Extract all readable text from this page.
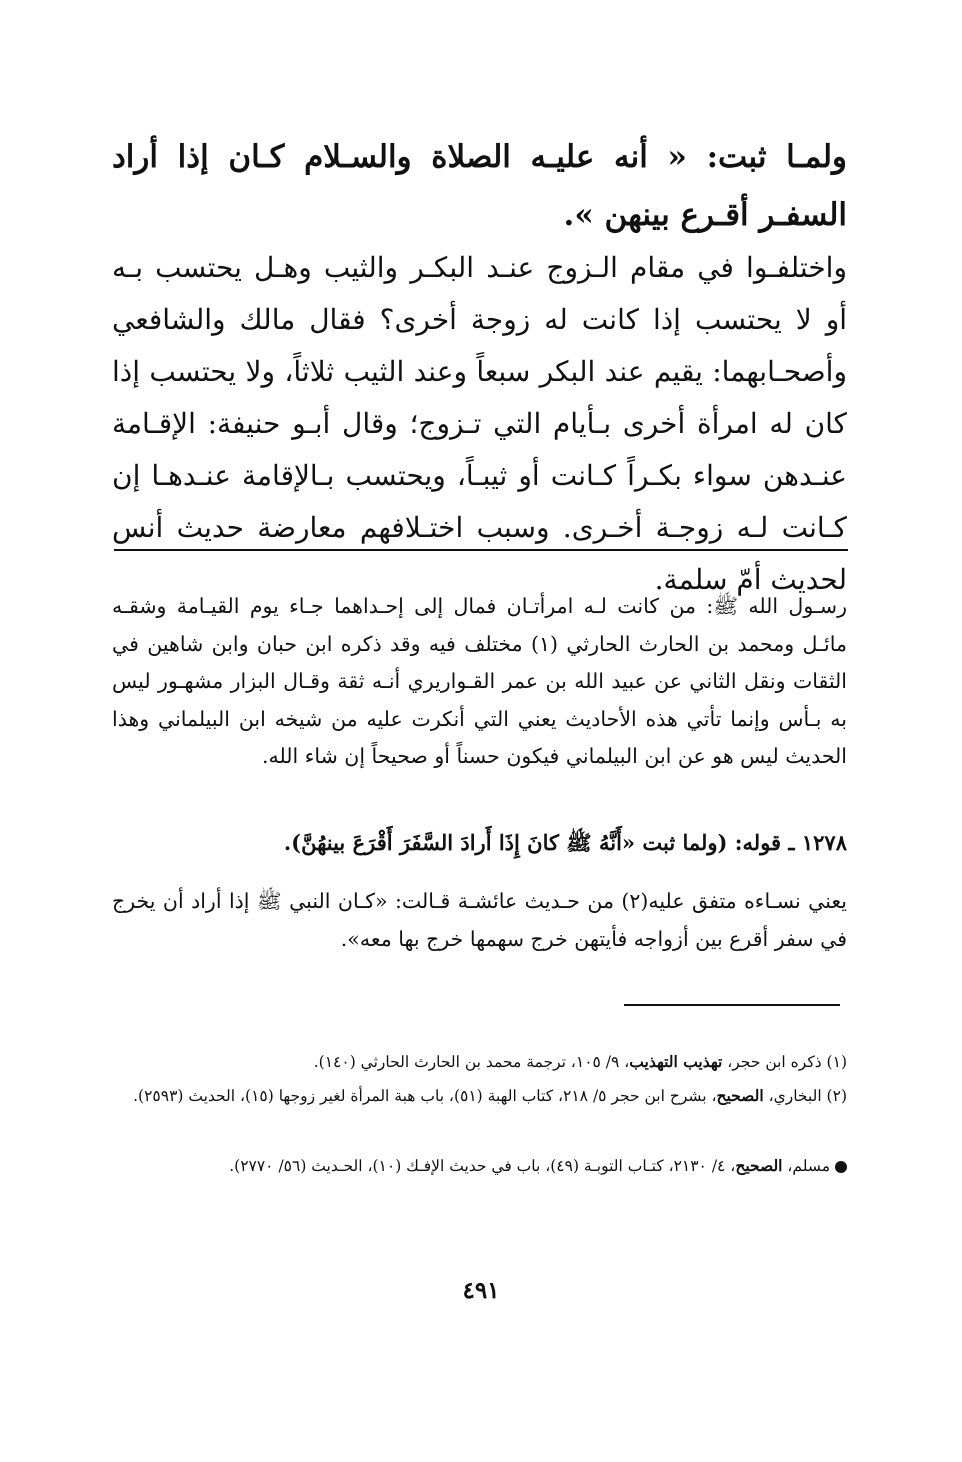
ولمـا ثبت: « أنه عليـه الصلاة والسـلام كـان إذا أراد السفـر أقـرع بينهن ».
واختلفـوا في مقام الـزوج عنـد البكـر والثيب وهـل يحتسب بـه أو لا يحتسب إذا كانت له زوجة أخرى؟ فقال مالك والشافعي وأصحـابهما: يقيم عند البكر سبعاً وعند الثيب ثلاثاً، ولا يحتسب إذا كان له امرأة أخرى بـأيام التي تـزوج؛ وقال أبـو حنيفة: الإقـامة عنـدهن سواء بكـراً كـانت أو ثيبـاً، ويحتسب بـالإقامة عنـدهـا إن كـانت لـه زوجـة أخـرى. وسبب اختـلافهم معارضة حديث أنس لحديث أمّ سلمة.
رسـول الله ﷺ: من كانت لـه امرأتـان فمال إلى إحـداهما جـاء يوم القيـامة وشقـه مائـل ومحمد بن الحارث الحارثي (١) مختلف فيه وقد ذكره ابن حبان وابن شاهين في الثقات ونقل الثاني عن عبيد الله بن عمر القـواريري أنـه ثقة وقـال البزار مشهـور ليس به بـأس وإنما تأتي هذه الأحاديث يعني التي أنكرت عليه من شيخه ابن البيلماني وهذا الحديث ليس هو عن ابن البيلماني فيكون حسناً أو صحيحاً إن شاء الله.
١٢٧٨ ـ قوله: (ولما ثبت «أَنَّهُ ﷺ كانَ إِذَا أَرادَ السَّفَرَ أَقْرَعَ بينهُنَّ).
يعني نسـاءه متفق عليه(٢) من حـديث عائشـة قـالت: «كـان النبي ﷺ إذا أراد أن يخرج في سفر أقرع بين أزواجه فأيتهن خرج سهمها خرج بها معه».
(١) ذكره ابن حجر، تهذيب التهذيب، ٩/ ١٠٥، ترجمة محمد بن الحارث الحارثي (١٤٠).
(٢) البخاري، الصحيح، بشرح ابن حجر ٥/ ٢١٨، كتاب الهبة (٥١)، باب هبة المرأة لغير زوجها (١٥)، الحديث (٢٥٩٣).
مسلم، الصحيح، ٤/ ٢١٣٠، كتـاب التوبـة (٤٩)، باب في حديث الإفـك (١٠)، الحـديث (٥٦/ ٢٧٧٠).
٤٩١
